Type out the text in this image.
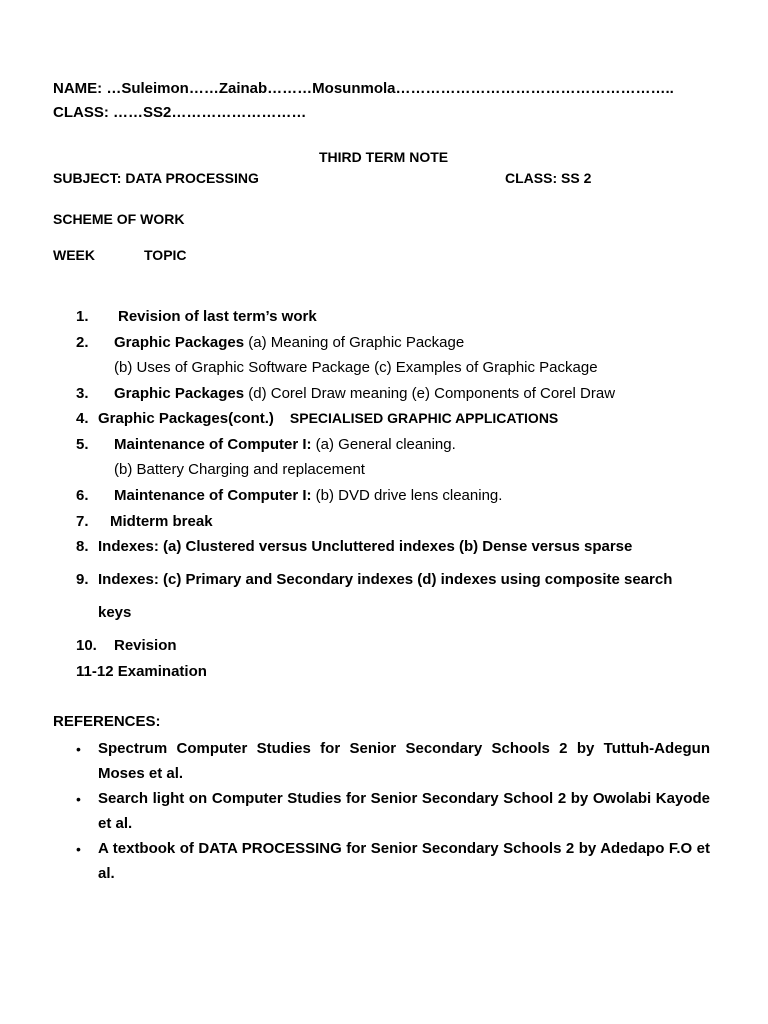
NAME: …Suleimon……Zainab………Mosunmola………………………………………………..
CLASS: ……SS2………………………
THIRD TERM NOTE
SUBJECT: DATA PROCESSING	CLASS: SS 2
SCHEME OF WORK
WEEK	TOPIC
1. Revision of last term’s work
2. Graphic Packages (a) Meaning of Graphic Package
(b) Uses of Graphic Software Package (c) Examples of Graphic Package
3. Graphic Packages (d) Corel Draw meaning (e) Components of Corel Draw
4. Graphic Packages(cont.) SPECIALISED GRAPHIC APPLICATIONS
5. Maintenance of Computer I: (a) General cleaning.
(b) Battery Charging and replacement
6. Maintenance of Computer I: (b) DVD drive lens cleaning.
7. Midterm break
8. Indexes: (a) Clustered versus Uncluttered indexes (b) Dense versus sparse
9. Indexes: (c) Primary and Secondary indexes (d) indexes using composite search
keys
10. Revision
11-12 Examination
REFERENCES:
• Spectrum Computer Studies for Senior Secondary Schools 2 by Tuttuh-Adegun Moses et al.
• Search light on Computer Studies for Senior Secondary School 2 by Owolabi Kayode et al.
• A textbook of DATA PROCESSING for Senior Secondary Schools 2 by Adedapo F.O et al.
